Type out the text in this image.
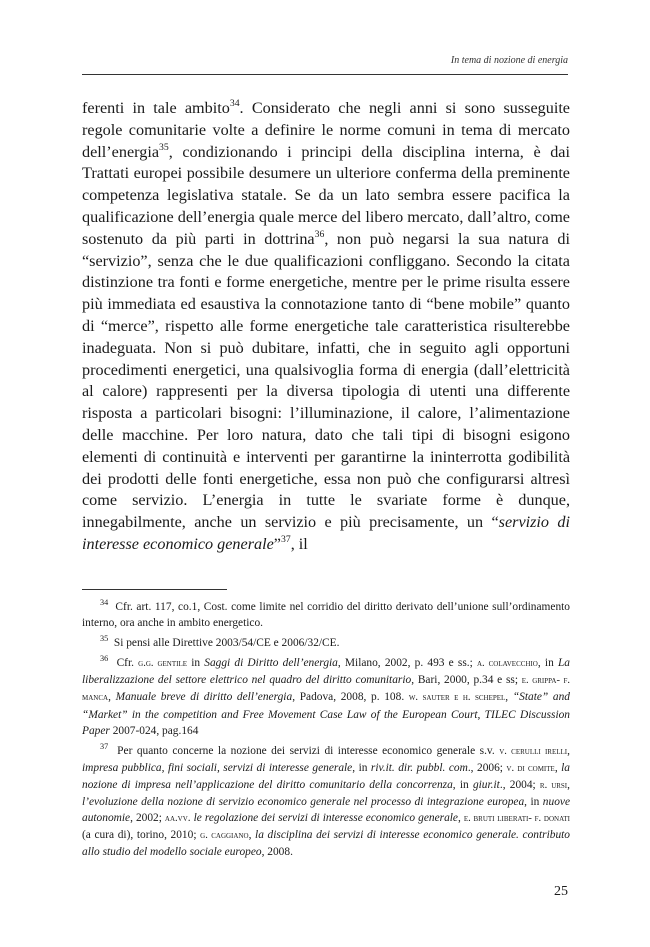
In tema di nozione di energia

ferenti in tale ambito$^{34}$. Considerato che negli anni si sono susseguite regole comunitarie volte a definire le norme comuni in tema di mercato dell’energia$^{35}$, condizionando i principi della disciplina interna, è dai Trattati europei possibile desumere un ulteriore conferma della preminente competenza legislativa statale. Se da un lato sembra essere pacifica la qualificazione dell’energia quale merce del libero mercato, dall’altro, come sostenuto da più parti in dottrina$^{36}$, non può negarsi la sua natura di “servizio”, senza che le due qualificazioni confliggano. Secondo la citata distinzione tra fonti e forme energetiche, mentre per le prime risulta essere più immediata ed esaustiva la connotazione tanto di “bene mobile” quanto di “merce”, rispetto alle forme energetiche tale caratteristica risulterebbe inadeguata. Non si può dubitare, infatti, che in seguito agli opportuni procedimenti energetici, una qualsivoglia forma di energia (dall’elettricità al calore) rappresenti per la diversa tipologia di utenti una differente risposta a particolari bisogni: l’illuminazione, il calore, l’alimentazione delle macchine. Per loro natura, dato che tali tipi di bisogni esigono elementi di continuità e interventi per garantirne la ininterrotta godibilità dei prodotti delle fonti energetiche, essa non può che configurarsi altresì come servizio. L’energia in tutte le svariate forme è dunque, innegabilmente, anche un servizio e più precisamente, un “servizio di interesse economico generale”$^{37}$, il

$^{34}$ Cfr. art. 117, co.1, Cost. come limite nel corridio del diritto derivato dell’unione sull’ordinamento interno, ora anche in ambito energetico.

$^{35}$ Si pensi alle Direttive 2003/54/CE e 2006/32/CE.

$^{36}$ Cfr. g.g. gentile in Saggi di Diritto dell’energia, Milano, 2002, p. 493 e ss.; a. colavecchio, in La liberalizzazione del settore elettrico nel quadro del diritto comunitario, Bari, 2000, p.34 e ss; e. grippa- f. manca, Manuale breve di diritto dell’energia, Padova, 2008, p. 108. w. sauter e h. schepel, “State” and “Market” in the competition and Free Movement Case Law of the European Court, TILEC Discussion Paper 2007-024, pag.164

$^{37}$ Per quanto concerne la nozione dei servizi di interesse economico generale s.v. v. cerulli irelli, impresa pubblica, fini sociali, servizi di interesse generale, in riv.it. dir. pubbl. com., 2006; v. di comite, la nozione di impresa nell’applicazione del diritto comunitario della concorrenza, in giur.it., 2004; r. ursi, l’evoluzione della nozione di servizio economico generale nel processo di integrazione europea, in nuove autonomie, 2002; aa.vv. le regolazione dei servizi di interesse economico generale, e. bruti liberati- f. donati (a cura di), torino, 2010; g. caggiano, la disciplina dei servizi di interesse economico generale. contributo allo studio del modello sociale europeo, 2008.

25
